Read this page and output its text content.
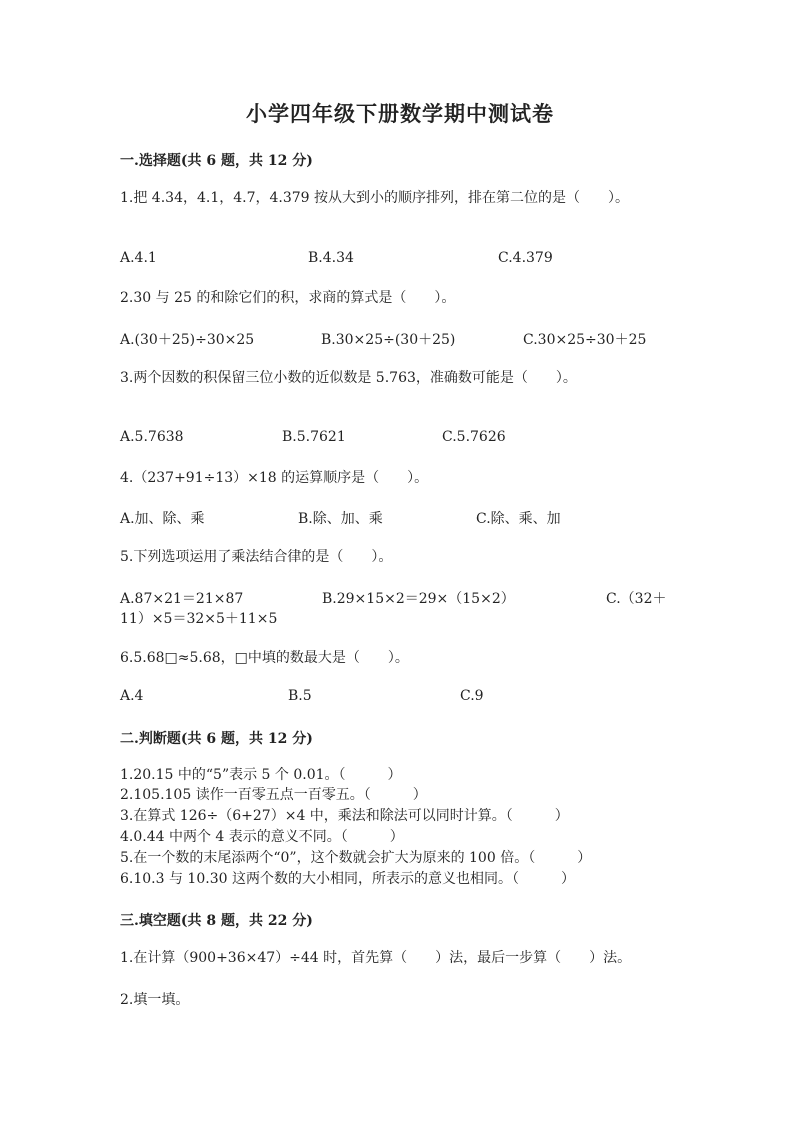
小学四年级下册数学期中测试卷
一.选择题(共 6 题，共 12 分)
1.把 4.34，4.1，4.7，4.379 按从大到小的顺序排列，排在第二位的是（　　）。
A.4.1	B.4.34	C.4.379
2.30 与 25 的和除它们的积，求商的算式是（　　）。
A.(30＋25)÷30×25	B.30×25÷(30＋25)	C.30×25÷30＋25
3.两个因数的积保留三位小数的近似数是 5.763，准确数可能是（　　）。
A.5.7638	B.5.7621	C.5.7626
4.（237+91÷13）×18 的运算顺序是（　　）。
A.加、除、乘	B.除、加、乘	C.除、乘、加
5.下列选项运用了乘法结合律的是（　　）。
A.87×21＝21×87	B.29×15×2＝29×（15×2）	C.（32＋
11）×5＝32×5＋11×5
6.5.68□≈5.68，□中填的数最大是（　　）。
A.4	B.5	C.9
二.判断题(共 6 题，共 12 分)
1.20.15 中的“5”表示 5 个 0.01。（　　　）
2.105.105 读作一百零五点一百零五。（　　　）
3.在算式 126÷（6+27）×4 中，乘法和除法可以同时计算。（　　　）
4.0.44 中两个 4 表示的意义不同。（　　　）
5.在一个数的末尾添两个“0”，这个数就会扩大为原来的 100 倍。（　　　）
6.10.3 与 10.30 这两个数的大小相同，所表示的意义也相同。（　　　）
三.填空题(共 8 题，共 22 分)
1.在计算（900+36×47）÷44 时，首先算（　　）法，最后一步算（　　）法。
2.填一填。
